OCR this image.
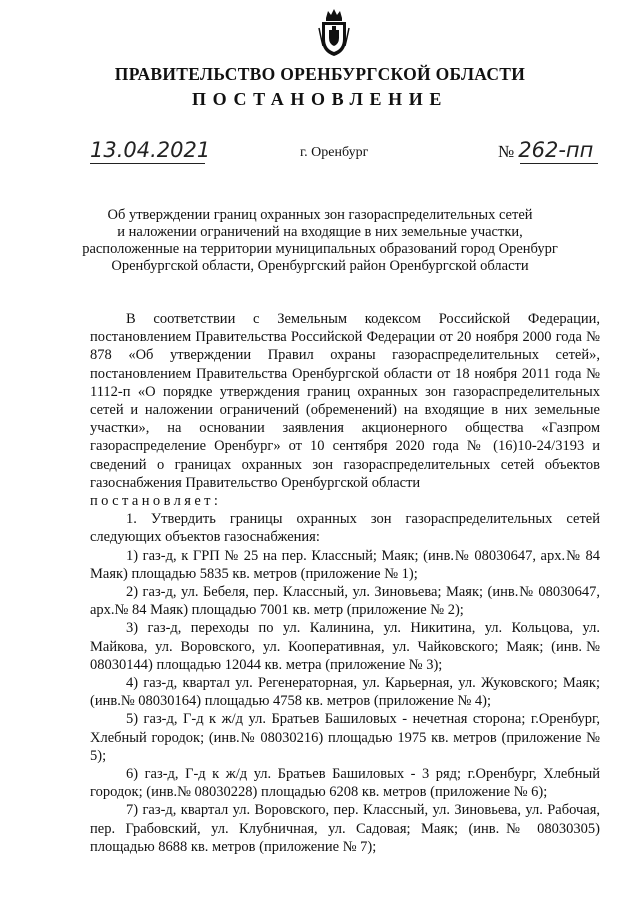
ПРАВИТЕЛЬСТВО ОРЕНБУРГСКОЙ ОБЛАСТИ
ПОСТАНОВЛЕНИЕ
13.04.2021	г. Оренбург	№ 262-пп
Об утверждении границ охранных зон газораспределительных сетей
и наложении ограничений на входящие в них земельные участки,
расположенные на территории муниципальных образований город Оренбург
Оренбургской области, Оренбургский район Оренбургской области

В соответствии с Земельным кодексом Российской Федерации, постановлением Правительства Российской Федерации от 20 ноября 2000 года № 878 «Об утверждении Правил охраны газораспределительных сетей», постановлением Правительства Оренбургской области от 18 ноября 2011 года № 1112-п «О порядке утверждения границ охранных зон газораспределительных сетей и наложении ограничений (обременений) на входящие в них земельные участки», на основании заявления акционерного общества «Газпром газораспределение Оренбург» от 10 сентября 2020 года № (16)10-24/3193 и сведений о границах охранных зон газораспределительных сетей объектов газоснабжения Правительство Оренбургской области

постановляет:

1. Утвердить границы охранных зон газораспределительных сетей следующих объектов газоснабжения:

1) газ-д, к ГРП № 25 на пер. Классный; Маяк; (инв.№ 08030647, арх.№ 84 Маяк) площадью 5835 кв. метров (приложение № 1);

2) газ-д, ул. Бебеля, пер. Классный, ул. Зиновьева; Маяк; (инв.№ 08030647, арх.№ 84 Маяк) площадью 7001 кв. метр (приложение № 2);

3) газ-д, переходы по ул. Калинина, ул. Никитина, ул. Кольцова, ул. Майкова, ул. Воровского, ул. Кооперативная, ул. Чайковского; Маяк; (инв.№ 08030144) площадью 12044 кв. метра (приложение № 3);

4) газ-д, квартал ул. Регенераторная, ул. Карьерная, ул. Жуковского; Маяк; (инв.№ 08030164) площадью 4758 кв. метров (приложение № 4);

5) газ-д, Г-д к ж/д ул. Братьев Башиловых - нечетная сторона; г.Оренбург, Хлебный городок; (инв.№ 08030216) площадью 1975 кв. метров (приложение № 5);

6) газ-д, Г-д к ж/д ул. Братьев Башиловых - 3 ряд; г.Оренбург, Хлебный городок; (инв.№ 08030228) площадью 6208 кв. метров (приложение № 6);

7) газ-д, квартал ул. Воровского, пер. Классный, ул. Зиновьева, ул. Рабочая, пер. Грабовский, ул. Клубничная, ул. Садовая; Маяк; (инв.№ 08030305) площадью 8688 кв. метров (приложение № 7);
